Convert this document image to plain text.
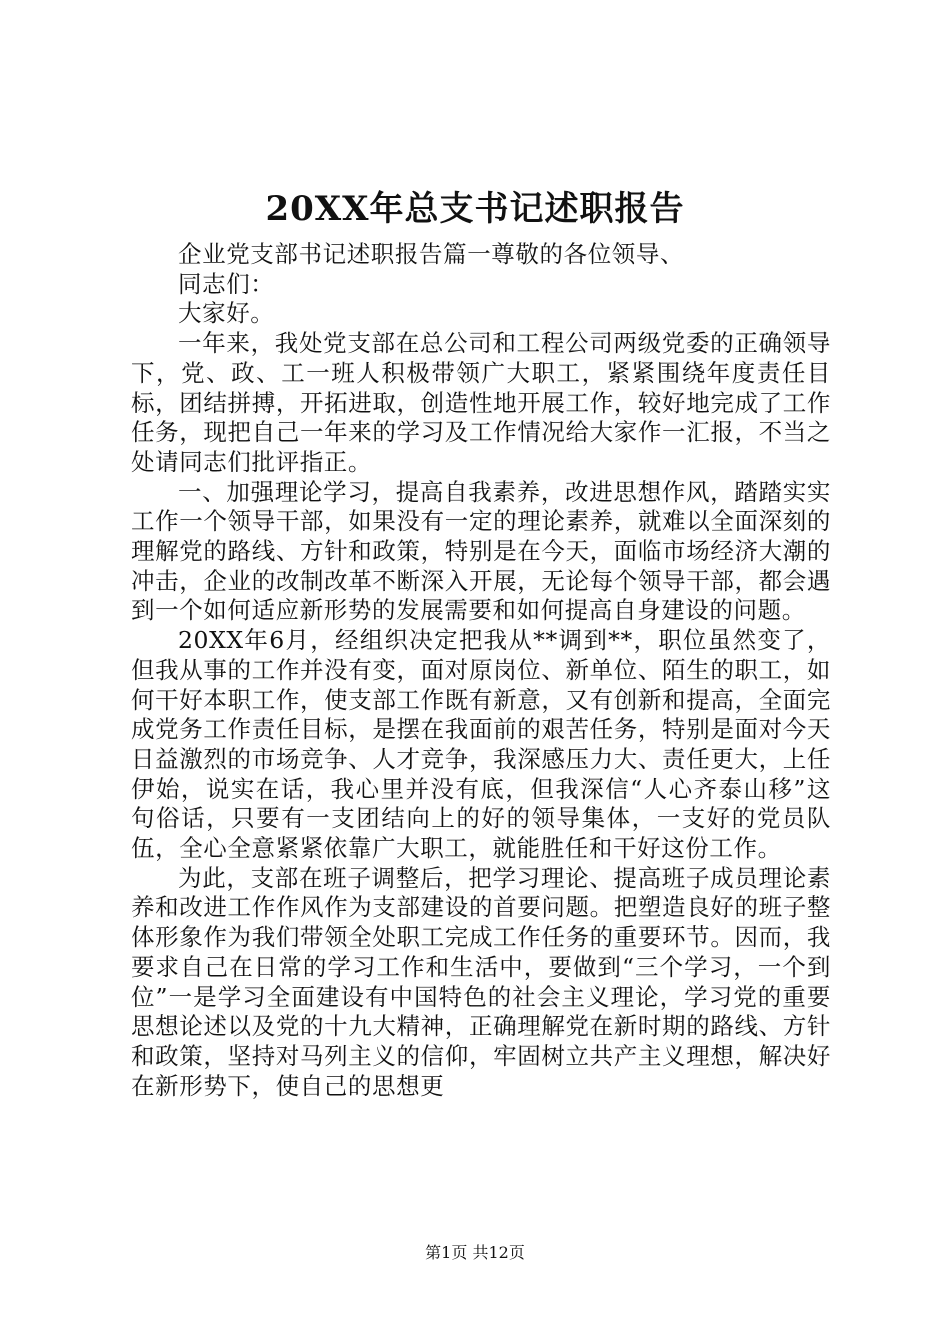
20XX年总支书记述职报告

企业党支部书记述职报告篇一尊敬的各位领导、

同志们：

大家好。

一年来，我处党支部在总公司和工程公司两级党委的正确领导下，党、政、工一班人积极带领广大职工，紧紧围绕年度责任目标，团结拼搏，开拓进取，创造性地开展工作，较好地完成了工作任务，现把自己一年来的学习及工作情况给大家作一汇报，不当之处请同志们批评指正。

一、加强理论学习，提高自我素养，改进思想作风，踏踏实实工作一个领导干部，如果没有一定的理论素养，就难以全面深刻的理解党的路线、方针和政策，特别是在今天，面临市场经济大潮的冲击，企业的改制改革不断深入开展，无论每个领导干部，都会遇到一个如何适应新形势的发展需要和如何提高自身建设的问题。

20XX年6月，经组织决定把我从**调到**，职位虽然变了，但我从事的工作并没有变，面对原岗位、新单位、陌生的职工，如何干好本职工作，使支部工作既有新意，又有创新和提高，全面完成党务工作责任目标，是摆在我面前的艰苦任务，特别是面对今天日益激烈的市场竞争、人才竞争，我深感压力大、责任更大，上任伊始，说实在话，我心里并没有底，但我深信“人心齐泰山移”这句俗话，只要有一支团结向上的好的领导集体，一支好的党员队伍，全心全意紧紧依靠广大职工，就能胜任和干好这份工作。

为此，支部在班子调整后，把学习理论、提高班子成员理论素养和改进工作作风作为支部建设的首要问题。把塑造良好的班子整体形象作为我们带领全处职工完成工作任务的重要环节。因而，我要求自己在日常的学习工作和生活中，要做到“三个学习，一个到位”一是学习全面建设有中国特色的社会主义理论，学习党的重要思想论述以及党的十九大精神，正确理解党在新时期的路线、方针和政策，坚持对马列主义的信仰，牢固树立共产主义理想，解决好在新形势下，使自己的思想更

第1页 共12页
